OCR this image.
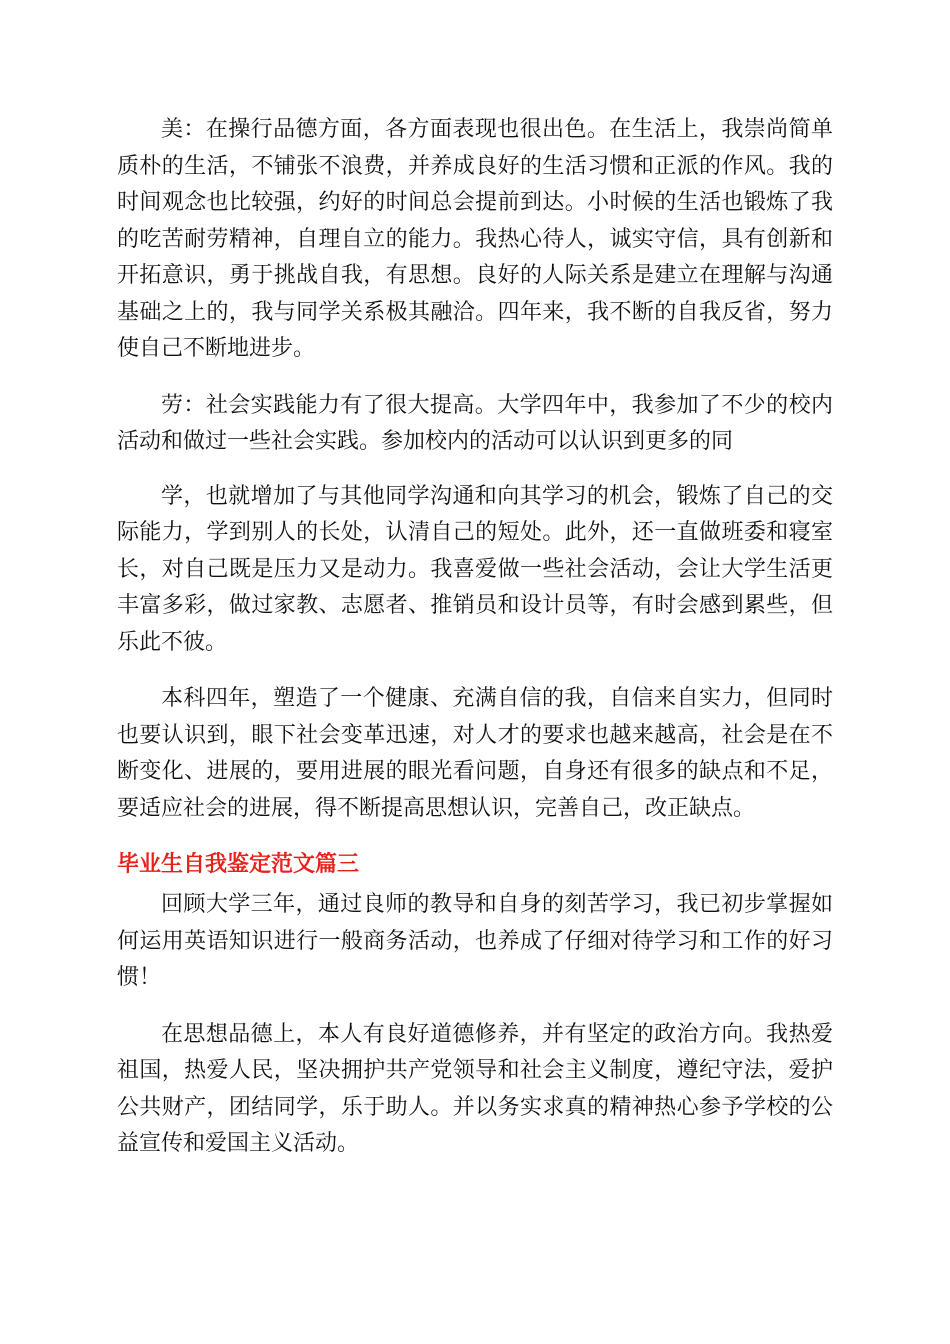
美：在操行品德方面，各方面表现也很出色。在生活上，我崇尚简单质朴的生活，不铺张不浪费，并养成良好的生活习惯和正派的作风。我的时间观念也比较强，约好的时间总会提前到达。小时候的生活也锻炼了我的吃苦耐劳精神，自理自立的能力。我热心待人，诚实守信，具有创新和开拓意识，勇于挑战自我，有思想。良好的人际关系是建立在理解与沟通基础之上的，我与同学关系极其融洽。四年来，我不断的自我反省，努力使自己不断地进步。

劳：社会实践能力有了很大提高。大学四年中，我参加了不少的校内活动和做过一些社会实践。参加校内的活动可以认识到更多的同

学，也就增加了与其他同学沟通和向其学习的机会，锻炼了自己的交际能力，学到别人的长处，认清自己的短处。此外，还一直做班委和寝室长，对自己既是压力又是动力。我喜爱做一些社会活动，会让大学生活更丰富多彩，做过家教、志愿者、推销员和设计员等，有时会感到累些，但乐此不彼。

本科四年，塑造了一个健康、充满自信的我，自信来自实力，但同时也要认识到，眼下社会变革迅速，对人才的要求也越来越高，社会是在不断变化、进展的，要用进展的眼光看问题，自身还有很多的缺点和不足，要适应社会的进展，得不断提高思想认识，完善自己，改正缺点。

毕业生自我鉴定范文篇三

回顾大学三年，通过良师的教导和自身的刻苦学习，我已初步掌握如何运用英语知识进行一般商务活动，也养成了仔细对待学习和工作的好习惯！

在思想品德上，本人有良好道德修养，并有坚定的政治方向。我热爱祖国，热爱人民，坚决拥护共产党领导和社会主义制度，遵纪守法，爱护公共财产，团结同学，乐于助人。并以务实求真的精神热心参予学校的公益宣传和爱国主义活动。
